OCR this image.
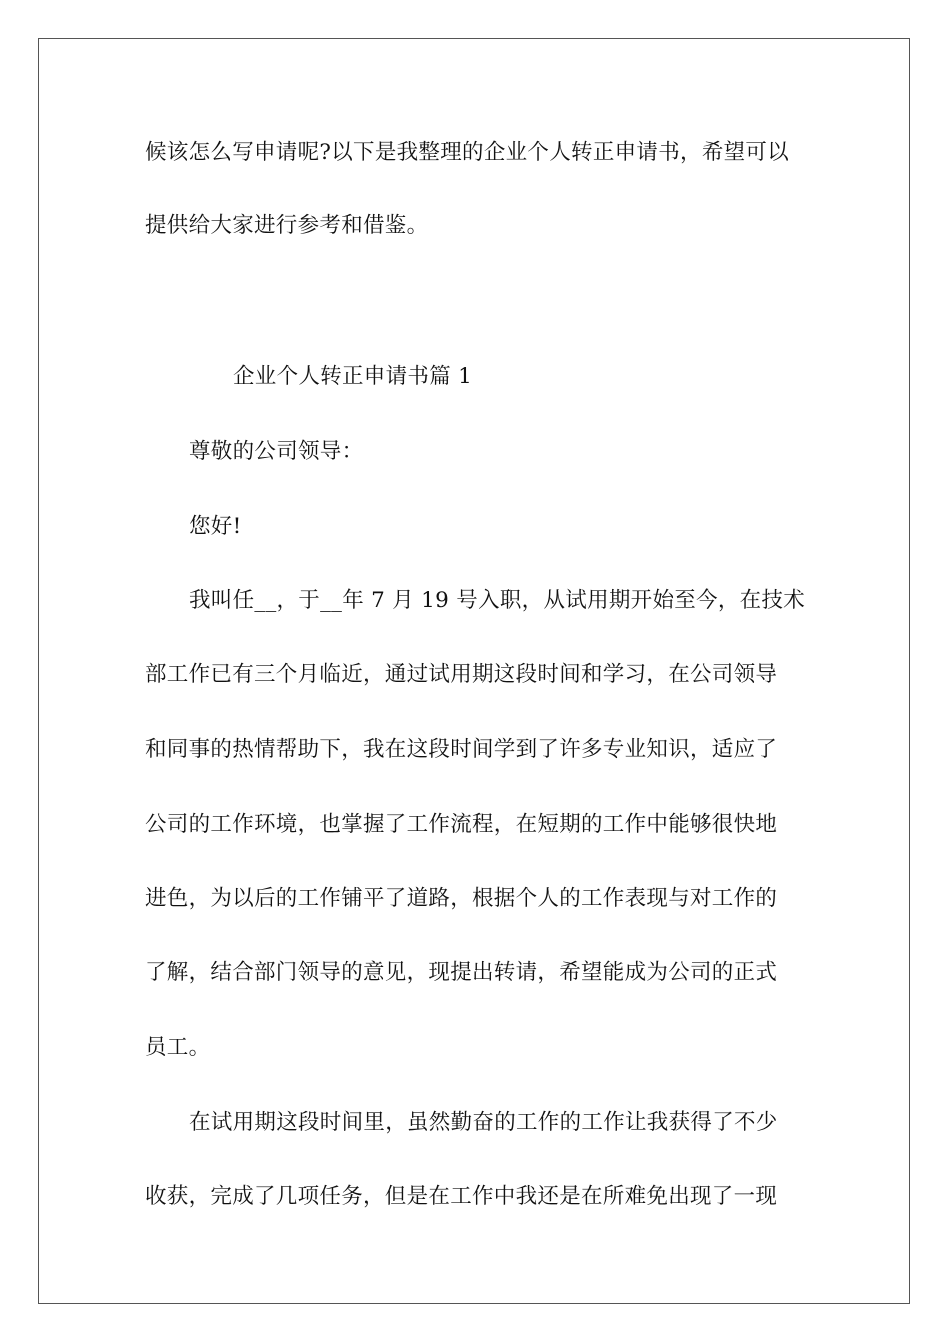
候该怎么写申请呢?以下是我整理的企业个人转正申请书，希望可以
提供给大家进行参考和借鉴。
企业个人转正申请书篇 1
尊敬的公司领导：
您好!
我叫任__，于__年 7 月 19 号入职，从试用期开始至今，在技术
部工作已有三个月临近，通过试用期这段时间和学习，在公司领导
和同事的热情帮助下，我在这段时间学到了许多专业知识，适应了
公司的工作环境，也掌握了工作流程，在短期的工作中能够很快地
进色，为以后的工作铺平了道路，根据个人的工作表现与对工作的
了解，结合部门领导的意见，现提出转请，希望能成为公司的正式
员工。
在试用期这段时间里，虽然勤奋的工作的工作让我获得了不少
收获，完成了几项任务，但是在工作中我还是在所难免出现了一现
